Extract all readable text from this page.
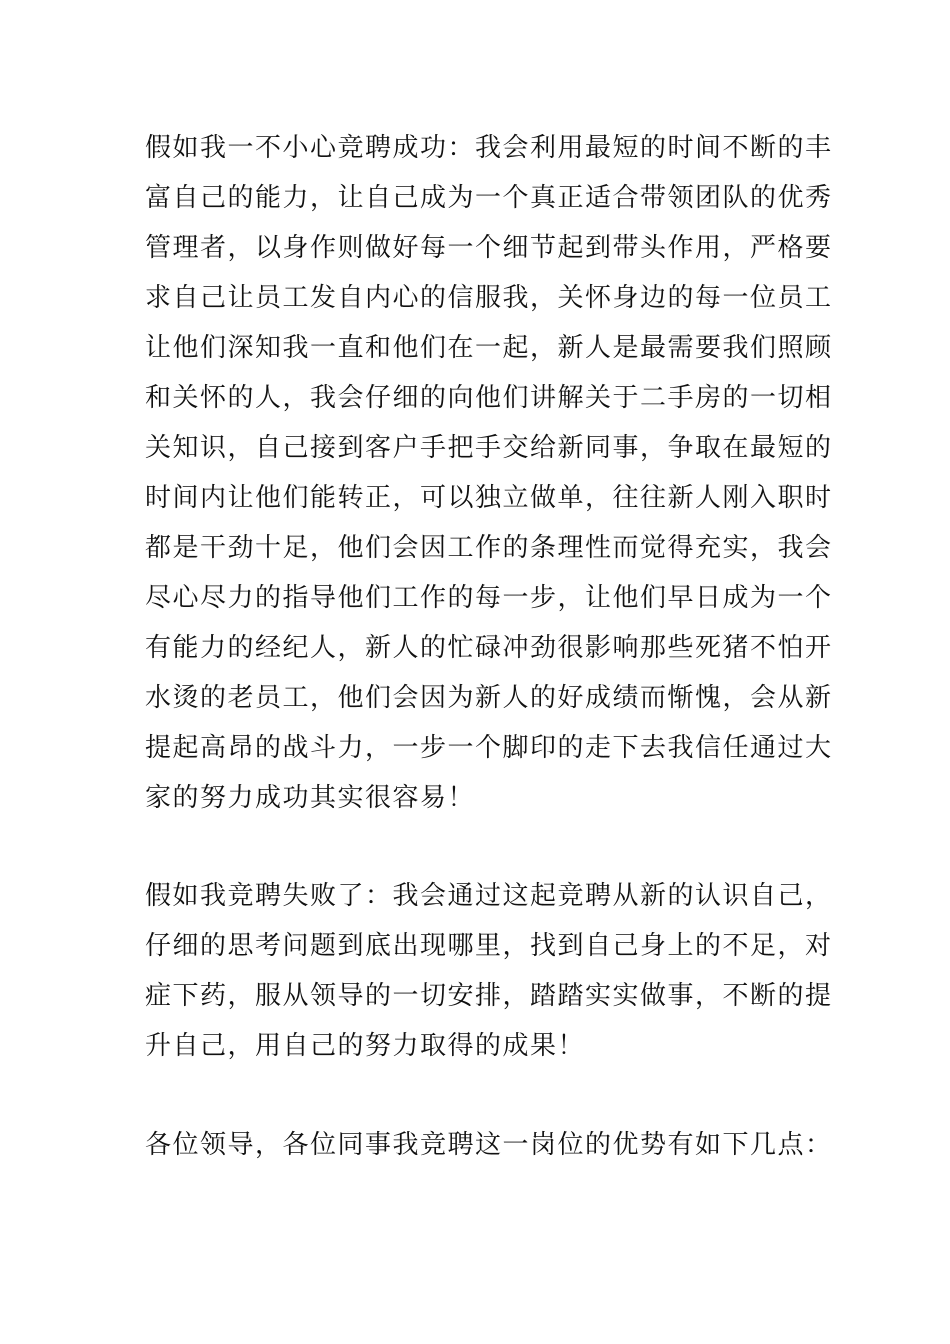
假如我一不小心竞聘成功：我会利用最短的时间不断的丰
富自己的能力，让自己成为一个真正适合带领团队的优秀
管理者，以身作则做好每一个细节起到带头作用，严格要
求自己让员工发自内心的信服我，关怀身边的每一位员工
让他们深知我一直和他们在一起，新人是最需要我们照顾
和关怀的人，我会仔细的向他们讲解关于二手房的一切相
关知识，自己接到客户手把手交给新同事，争取在最短的
时间内让他们能转正，可以独立做单，往往新人刚入职时
都是干劲十足，他们会因工作的条理性而觉得充实，我会
尽心尽力的指导他们工作的每一步，让他们早日成为一个
有能力的经纪人，新人的忙碌冲劲很影响那些死猪不怕开
水烫的老员工，他们会因为新人的好成绩而惭愧，会从新
提起高昂的战斗力，一步一个脚印的走下去我信任通过大
家的努力成功其实很容易！
假如我竞聘失败了：我会通过这起竞聘从新的认识自己，
仔细的思考问题到底出现哪里，找到自己身上的不足，对
症下药，服从领导的一切安排，踏踏实实做事，不断的提
升自己，用自己的努力取得的成果！
各位领导，各位同事我竞聘这一岗位的优势有如下几点：
